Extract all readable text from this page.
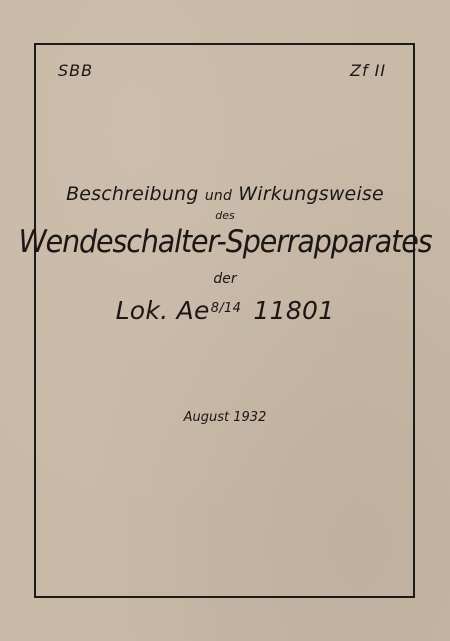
SBB	Zf II
Beschreibung und Wirkungsweise
des
Wendeschalter-Sperrapparates
der
Lok. $Ae^{8/14}$ 11801
August 1932
